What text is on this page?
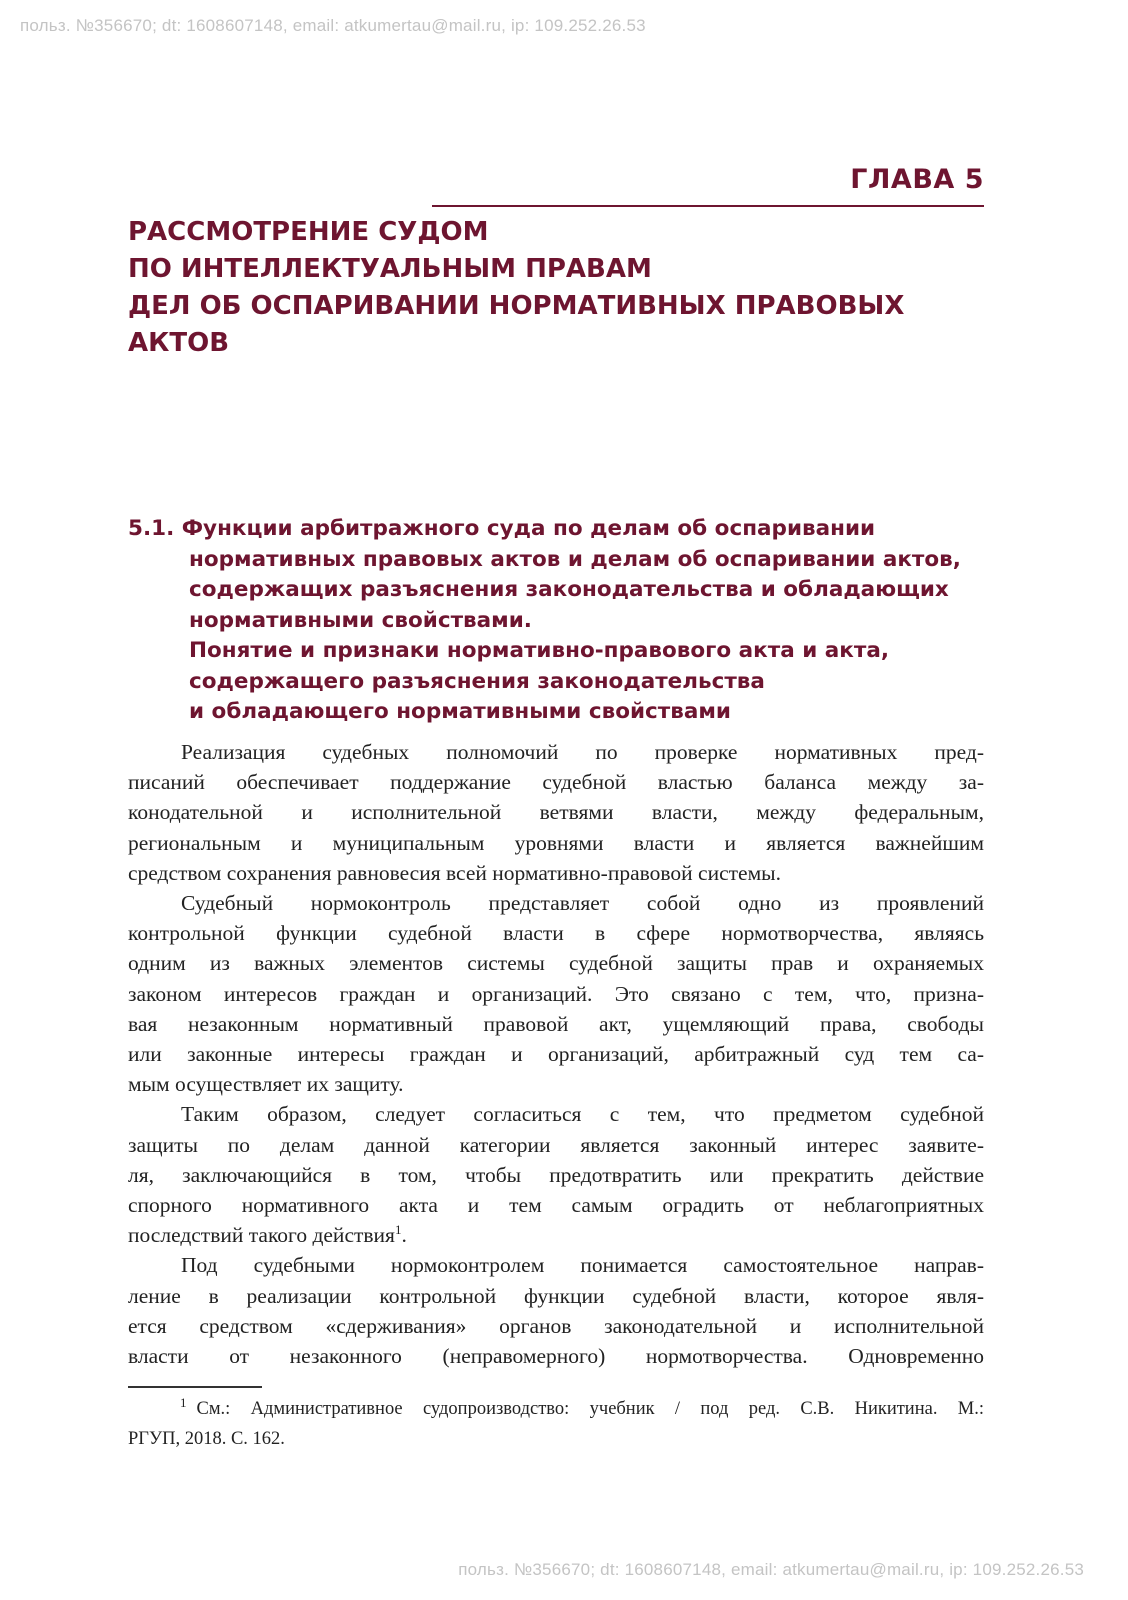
польз. №356670; dt: 1608607148, email: atkumertau@mail.ru, ip: 109.252.26.53
ГЛАВА 5
РАССМОТРЕНИЕ СУДОМ
ПО ИНТЕЛЛЕКТУАЛЬНЫМ ПРАВАМ
ДЕЛ ОБ ОСПАРИВАНИИ НОРМАТИВНЫХ ПРАВОВЫХ
АКТОВ
5.1. Функции арбитражного суда по делам об оспаривании
нормативных правовых актов и делам об оспаривании актов,
содержащих разъяснения законодательства и обладающих
нормативными свойствами.
Понятие и признаки нормативно-правового акта и акта,
содержащего разъяснения законодательства
и обладающего нормативными свойствами
Реализация судебных полномочий по проверке нормативных пред-
писаний обеспечивает поддержание судебной властью баланса между за-
конодательной и исполнительной ветвями власти, между федеральным,
региональным и муниципальным уровнями власти и является важнейшим
средством сохранения равновесия всей нормативно-правовой системы.
Судебный нормоконтроль представляет собой одно из проявлений
контрольной функции судебной власти в сфере нормотворчества, являясь
одним из важных элементов системы судебной защиты прав и охраняемых
законом интересов граждан и организаций. Это связано с тем, что, призна-
вая незаконным нормативный правовой акт, ущемляющий права, свободы
или законные интересы граждан и организаций, арбитражный суд тем са-
мым осуществляет их защиту.
Таким образом, следует согласиться с тем, что предметом судебной
защиты по делам данной категории является законный интерес заявите-
ля, заключающийся в том, чтобы предотвратить или прекратить действие
спорного нормативного акта и тем самым оградить от неблагоприятных
последствий такого действия$^1$.
Под судебными нормоконтролем понимается самостоятельное направ-
ление в реализации контрольной функции судебной власти, которое явля-
ется средством «сдерживания» органов законодательной и исполнительной
власти от незаконного (неправомерного) нормотворчества. Одновременно
$^1$ См.: Административное судопроизводство: учебник / под ред. С.В. Никитина. М.:
РГУП, 2018. С. 162.
польз. №356670; dt: 1608607148, email: atkumertau@mail.ru, ip: 109.252.26.53
